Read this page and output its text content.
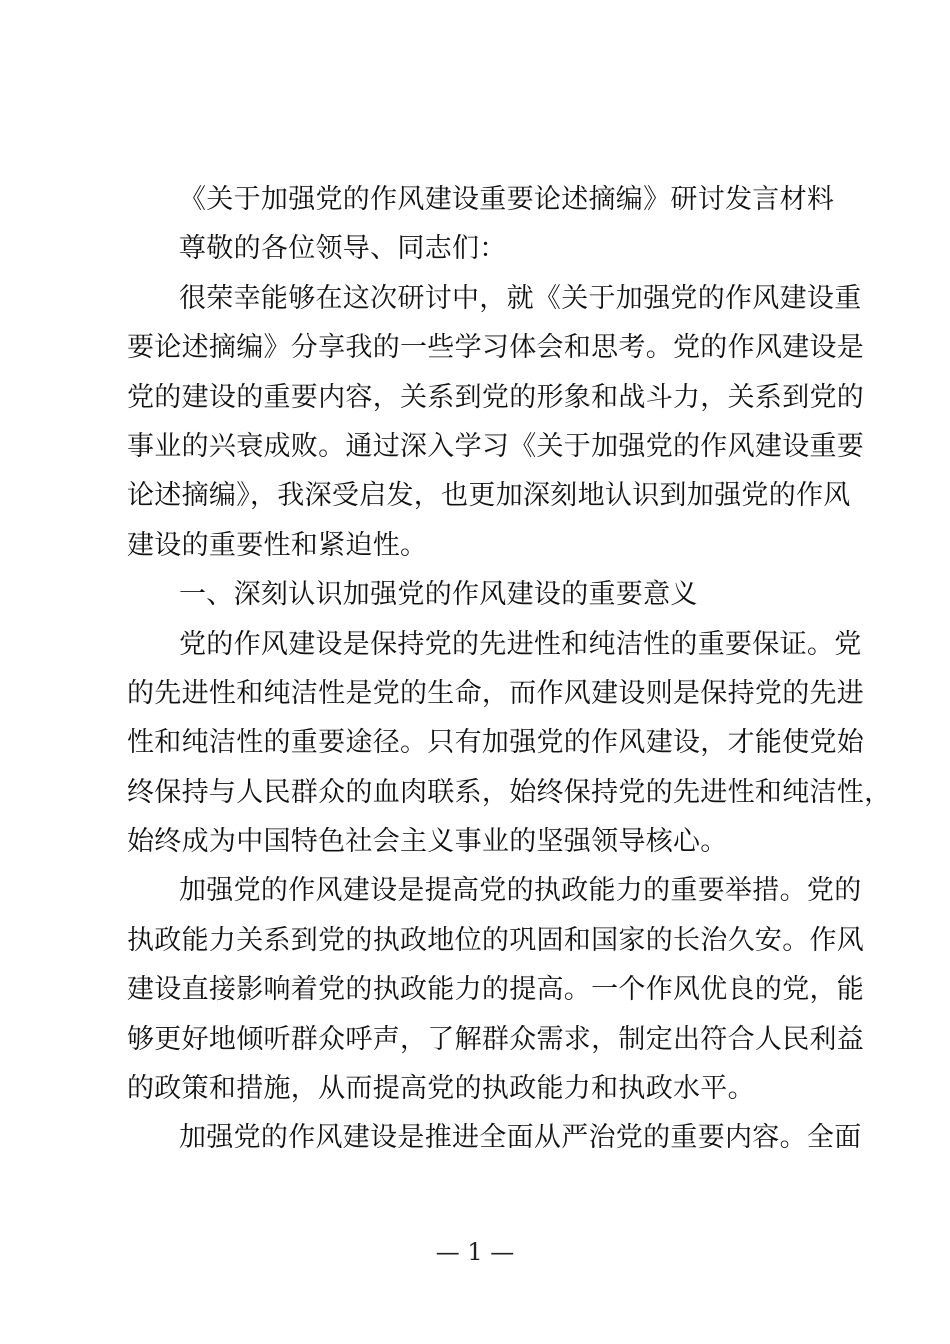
《关于加强党的作风建设重要论述摘编》研讨发言材料
尊敬的各位领导、同志们：
很荣幸能够在这次研讨中，就《关于加强党的作风建设重
要论述摘编》分享我的一些学习体会和思考。党的作风建设是
党的建设的重要内容，关系到党的形象和战斗力，关系到党的
事业的兴衰成败。通过深入学习《关于加强党的作风建设重要
论述摘编》，我深受启发，也更加深刻地认识到加强党的作风
建设的重要性和紧迫性。
一、深刻认识加强党的作风建设的重要意义
党的作风建设是保持党的先进性和纯洁性的重要保证。党
的先进性和纯洁性是党的生命，而作风建设则是保持党的先进
性和纯洁性的重要途径。只有加强党的作风建设，才能使党始
终保持与人民群众的血肉联系，始终保持党的先进性和纯洁性，
始终成为中国特色社会主义事业的坚强领导核心。
加强党的作风建设是提高党的执政能力的重要举措。党的
执政能力关系到党的执政地位的巩固和国家的长治久安。作风
建设直接影响着党的执政能力的提高。一个作风优良的党，能
够更好地倾听群众呼声，了解群众需求，制定出符合人民利益
的政策和措施，从而提高党的执政能力和执政水平。
加强党的作风建设是推进全面从严治党的重要内容。全面
— 1 —
